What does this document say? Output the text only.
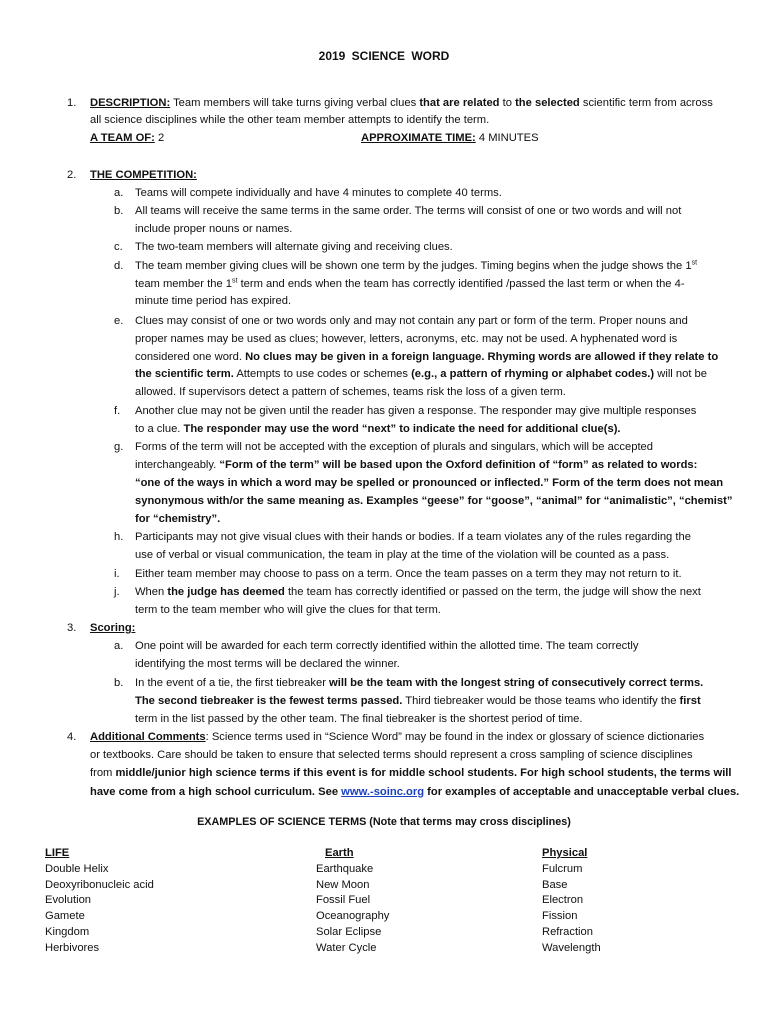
2019 SCIENCE WORD
1. DESCRIPTION: Team members will take turns giving verbal clues that are related to the selected scientific term from across
all science disciplines while the other team member attempts to identify the term.
A TEAM OF: 2	APPROXIMATE TIME: 4 MINUTES
2. THE COMPETITION:
a. Teams will compete individually and have 4 minutes to complete 40 terms.
b. All teams will receive the same terms in the same order. The terms will consist of one or two words and will not
include proper nouns or names.
c. The two-team members will alternate giving and receiving clues.
d. The team member giving clues will be shown one term by the judges. Timing begins when the judge shows the 1st
team member the 1st term and ends when the team has correctly identified /passed the last term or when the 4-
minute time period has expired.
e. Clues may consist of one or two words only and may not contain any part or form of the term. Proper nouns and
proper names may be used as clues; however, letters, acronyms, etc. may not be used. A hyphenated word is
considered one word. No clues may be given in a foreign language. Rhyming words are allowed if they relate to
the scientific term. Attempts to use codes or schemes (e.g., a pattern of rhyming or alphabet codes.) will not be
allowed. If supervisors detect a pattern of schemes, teams risk the loss of a given term.
f. Another clue may not be given until the reader has given a response. The responder may give multiple responses
to a clue. The responder may use the word “next” to indicate the need for additional clue(s).
g. Forms of the term will not be accepted with the exception of plurals and singulars, which will be accepted
interchangeably. “Form of the term” will be based upon the Oxford definition of “form” as related to words:
“one of the ways in which a word may be spelled or pronounced or inflected.” Form of the term does not mean
synonymous with/or the same meaning as. Examples “geese” for “goose”, “animal” for “animalistic”, “chemist”
for “chemistry”.
h. Participants may not give visual clues with their hands or bodies. If a team violates any of the rules regarding the
use of verbal or visual communication, the team in play at the time of the violation will be counted as a pass.
i. Either team member may choose to pass on a term. Once the team passes on a term they may not return to it.
j. When the judge has deemed the team has correctly identified or passed on the term, the judge will show the next
term to the team member who will give the clues for that term.
3. Scoring:
a. One point will be awarded for each term correctly identified within the allotted time. The team correctly
identifying the most terms will be declared the winner.
b. In the event of a tie, the first tiebreaker will be the team with the longest string of consecutively correct terms.
The second tiebreaker is the fewest terms passed. Third tiebreaker would be those teams who identify the first
term in the list passed by the other team. The final tiebreaker is the shortest period of time.
4. Additional Comments: Science terms used in “Science Word” may be found in the index or glossary of science dictionaries
or textbooks. Care should be taken to ensure that selected terms should represent a cross sampling of science disciplines
from middle/junior high science terms if this event is for middle school students. For high school students, the terms will
have come from a high school curriculum. See www.-soinc.org for examples of acceptable and unacceptable verbal clues.
EXAMPLES OF SCIENCE TERMS (Note that terms may cross disciplines)
LIFE
Double Helix
Deoxyribonucleic acid
Evolution
Gamete
Kingdom
Herbivores
Earth
Earthquake
New Moon
Fossil Fuel
Oceanography
Solar Eclipse
Water Cycle
Physical
Fulcrum
Base
Electron
Fission
Refraction
Wavelength
